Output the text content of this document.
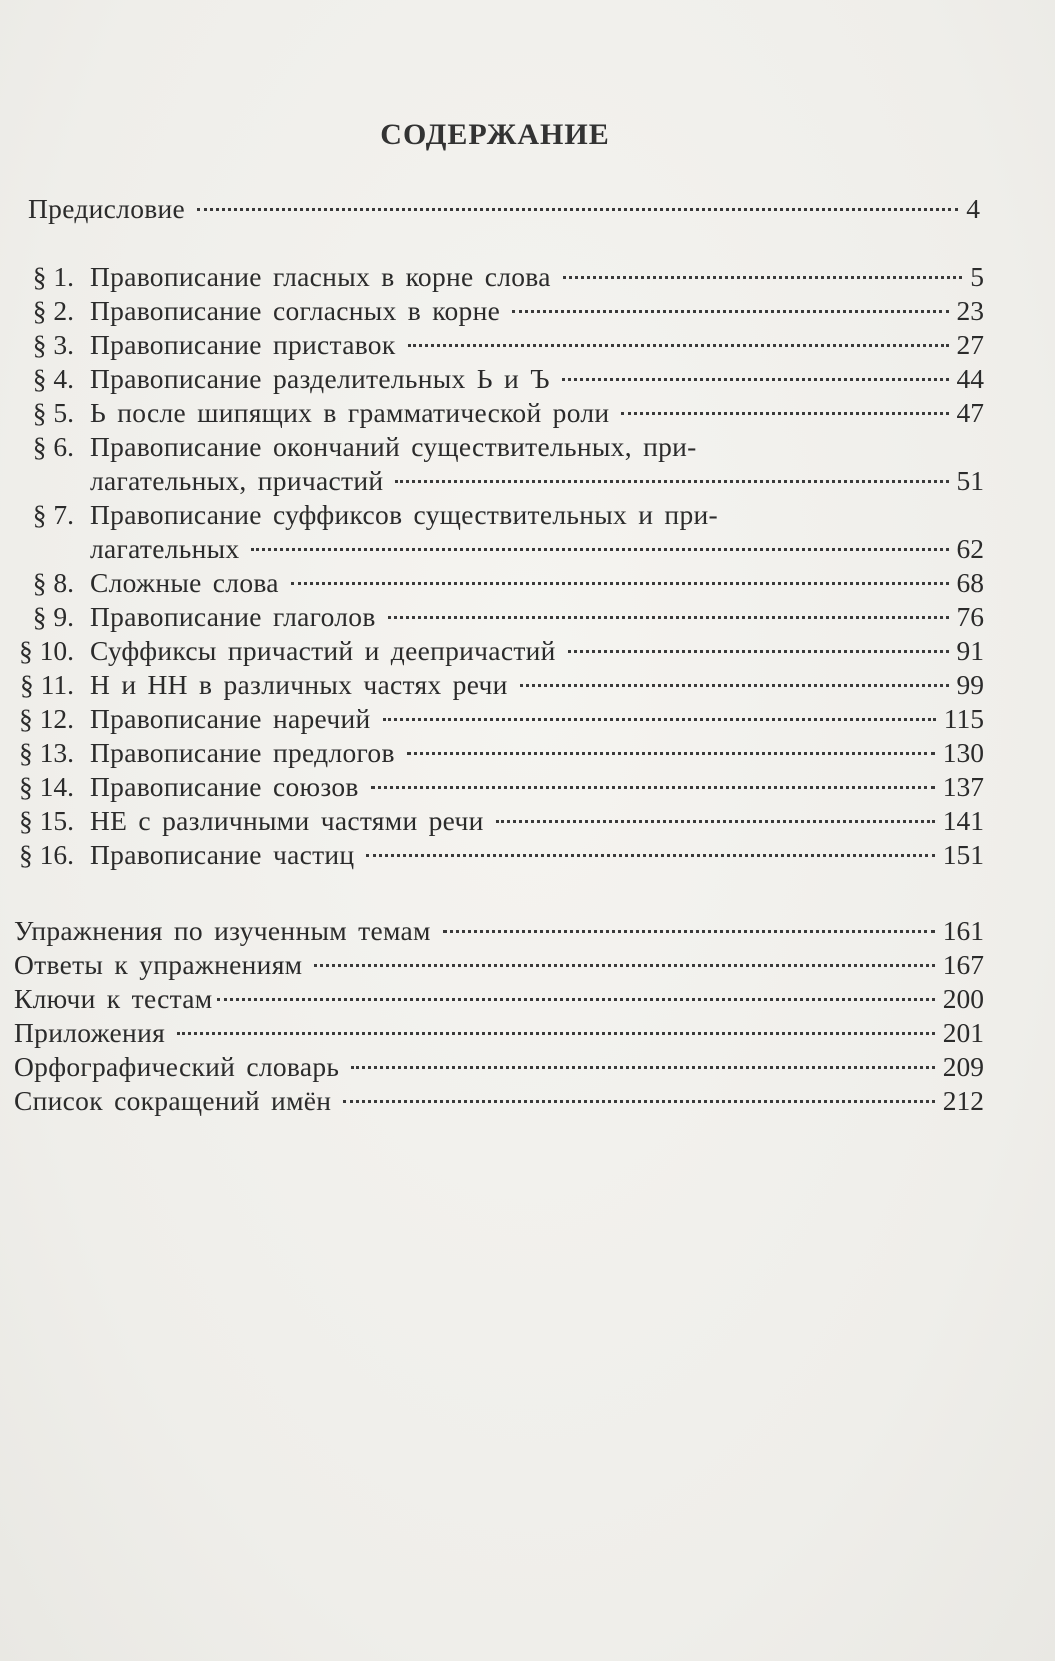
СОДЕРЖАНИЕ
Предисловие	4
§ 1. Правописание гласных в корне слова	5
§ 2. Правописание согласных в корне	23
§ 3. Правописание приставок	27
§ 4. Правописание разделительных Ь и Ъ	44
§ 5. Ь после шипящих в грамматической роли	47
§ 6. Правописание окончаний существительных, при-
лагательных, причастий	51
§ 7. Правописание суффиксов существительных и при-
лагательных	62
§ 8. Сложные слова	68
§ 9. Правописание глаголов	76
§ 10. Суффиксы причастий и деепричастий	91
§ 11. Н и НН в различных частях речи	99
§ 12. Правописание наречий	115
§ 13. Правописание предлогов	130
§ 14. Правописание союзов	137
§ 15. НЕ с различными частями речи	141
§ 16. Правописание частиц	151
Упражнения по изученным темам	161
Ответы к упражнениям	167
Ключи к тестам	200
Приложения	201
Орфографический словарь	209
Список сокращений имён	212
